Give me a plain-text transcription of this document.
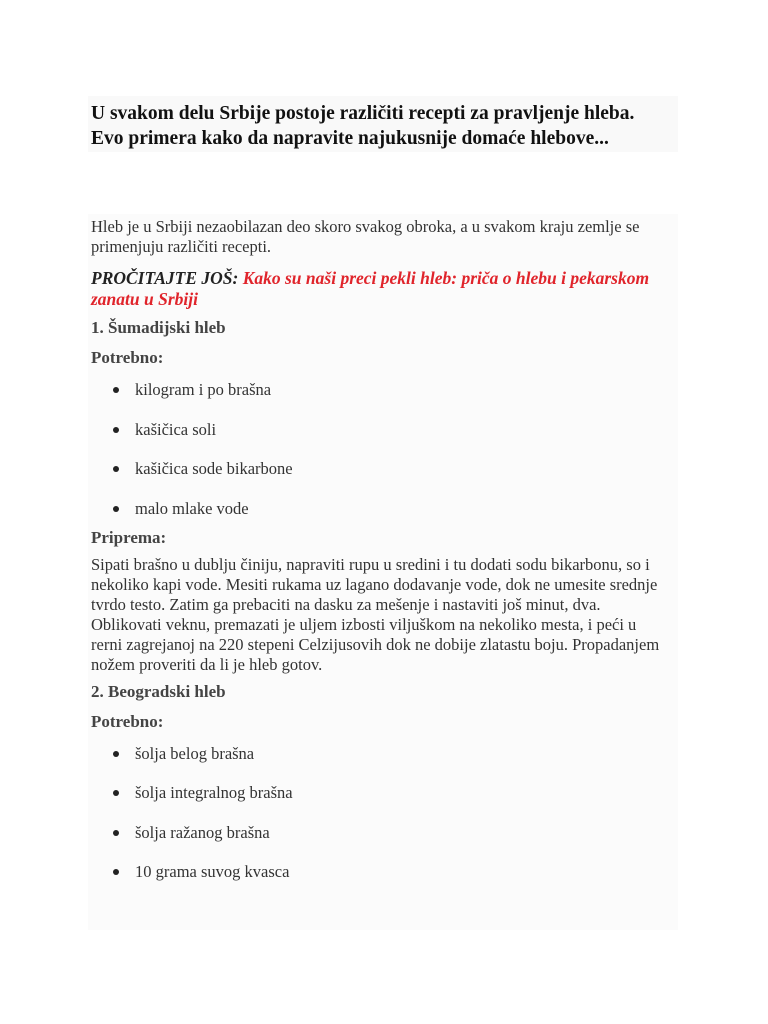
U svakom delu Srbije postoje različiti recepti za pravljenje hleba.
Evo primera kako da napravite najukusnije domaće hlebove...

Hleb je u Srbiji nezaobilazan deo skoro svakog obroka, a u svakom kraju zemlje se primenjuju različiti recepti.

PROČITAJTE JOŠ: Kako su naši preci pekli hleb: priča o hlebu i pekarskom zanatu u Srbiji

1. Šumadijski hleb

Potrebno:

kilogram i po brašna
kašičica soli
kašičica sode bikarbone
malo mlake vode

Priprema:

Sipati brašno u dublju činiju, napraviti rupu u sredini i tu dodati sodu bikarbonu, so i nekoliko kapi vode. Mesiti rukama uz lagano dodavanje vode, dok ne umesite srednje tvrdo testo. Zatim ga prebaciti na dasku za mešenje i nastaviti još minut, dva. Oblikovati veknu, premazati je uljem izbosti viljuškom na nekoliko mesta, i peći u rerni zagrejanoj na 220 stepeni Celzijusovih dok ne dobije zlatastu boju. Propadanjem nožem proveriti da li je hleb gotov.

2. Beogradski hleb

Potrebno:

šolja belog brašna
šolja integralnog brašna
šolja ražanog brašna
10 grama suvog kvasca
